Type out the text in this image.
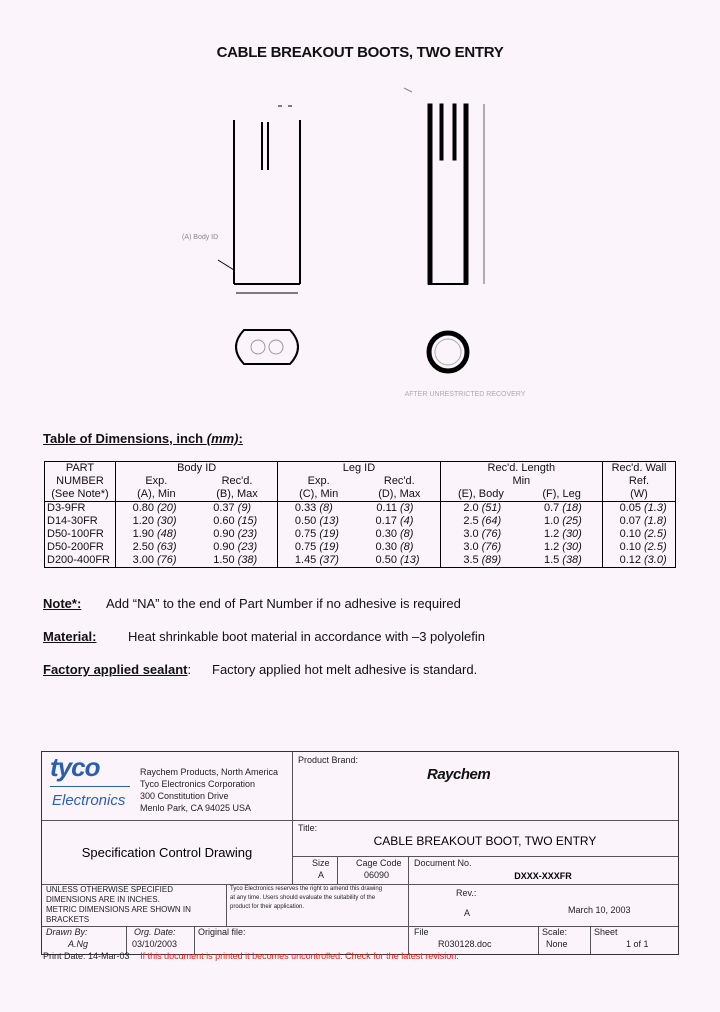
CABLE BREAKOUT BOOTS, TWO ENTRY
(A) Body ID
AFTER UNRESTRICTED RECOVERY
Table of Dimensions, inch (mm):
PART	Body ID		Leg ID		Rec'd. Length		Rec'd. Wall
NUMBER	Exp.	Rec'd.	Exp.	Rec'd.	Min		Ref.
(See Note*)	(A), Min	(B), Max	(C), Min	(D), Max	(E), Body	(F), Leg	(W)
D3-9FR	0.80 (20)	0.37 (9)	0.33 (8)	0.11 (3)	2.0 (51)	0.7 (18)	0.05 (1.3)
D14-30FR	1.20 (30)	0.60 (15)	0.50 (13)	0.17 (4)	2.5 (64)	1.0 (25)	0.07 (1.8)
D50-100FR	1.90 (48)	0.90 (23)	0.75 (19)	0.30 (8)	3.0 (76)	1.2 (30)	0.10 (2.5)
D50-200FR	2.50 (63)	0.90 (23)	0.75 (19)	0.30 (8)	3.0 (76)	1.2 (30)	0.10 (2.5)
D200-400FR	3.00 (76)	1.50 (38)	1.45 (37)	0.50 (13)	3.5 (89)	1.5 (38)	0.12 (3.0)
Note*: Add “NA” to the end of Part Number if no adhesive is required
Material: Heat shrinkable boot material in accordance with –3 polyolefin
Factory applied sealant: Factory applied hot melt adhesive is standard.
tyco
Electronics
Raychem Products, North America
Tyco Electronics Corporation
300 Constitution Drive
Menlo Park, CA 94025 USA
Product Brand:
Raychem
Title:
CABLE BREAKOUT BOOT, TWO ENTRY
Specification Control Drawing
Size
A
Cage Code
06090
Document No.
DXXX-XXXFR
UNLESS OTHERWISE SPECIFIED
DIMENSIONS ARE IN INCHES.
METRIC DIMENSIONS ARE SHOWN IN
BRACKETS
Tyco Electronics reserves the right to amend this drawing
at any time. Users should evaluate the suitability of the
product for their application.
Rev.:
A	March 10, 2003
Drawn By:
A.Ng
Org. Date:
03/10/2003
Original file:	File
R030128.doc
Scale:
None
Sheet
1 of 1
Print Date: 14-Mar-03 If this document is printed it becomes uncontrolled. Check for the latest revision.
